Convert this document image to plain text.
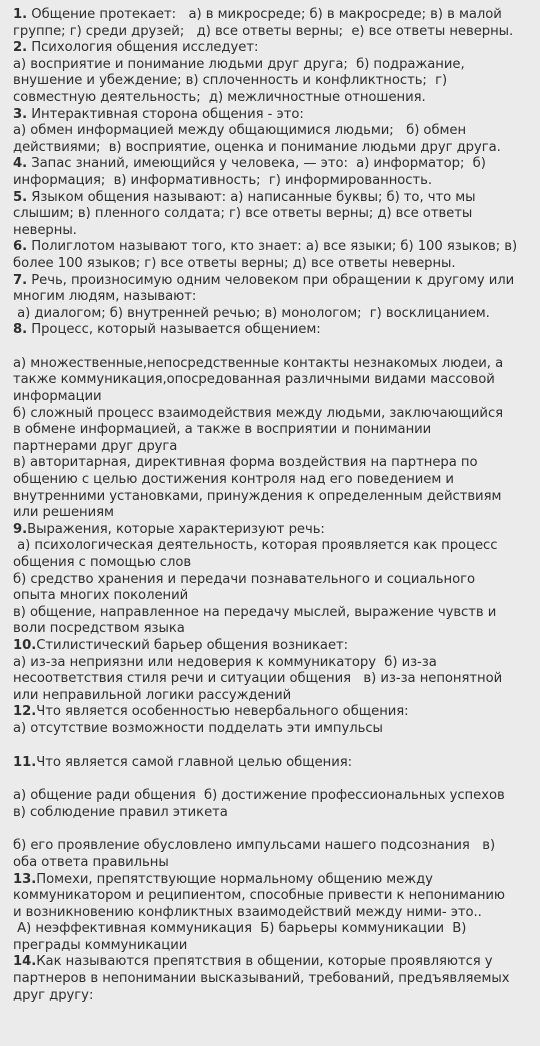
1. Общение протекает:   а) в микросреде; б) в макросреде; в) в малой
группе; г) среди друзей;   д) все ответы верны;  е) все ответы неверны.
2. Психология общения исследует:
а) восприятие и понимание людьми друг друга;  б) подражание,
внушение и убеждение; в) сплоченность и конфликтность;  г)
совместную деятельность;  д) межличностные отношения.
3. Интерактивная сторона общения - это:
а) обмен информацией между общающимися людьми;   б) обмен
действиями;  в) восприятие, оценка и понимание людьми друг друга.
4. Запас знаний, имеющийся у человека, — это:  а) информатор;  б)
информация;  в) информативность;  г) информированность.
5. Языком общения называют: а) написанные буквы; б) то, что мы
слышим; в) пленного солдата; г) все ответы верны; д) все ответы
неверны.
6. Полиглотом называют того, кто знает: а) все языки; б) 100 языков; в)
более 100 языков; г) все ответы верны; д) все ответы неверны.
7. Речь, произносимую одним человеком при обращении к другому или
многим людям, называют:
а) диалогом; б) внутренней речью; в) монологом;  г) восклицанием.
8. Процесс, который называется общением:
а) множественные,непосредственные контакты незнакомых людеи, а
также коммуникация,опосредованная различными видами массовой
информации
б) сложный процесс взаимодействия между людьми, заключающийся
в обмене информацией, а также в восприятии и понимании
партнерами друг друга
в) авторитарная, директивная форма воздействия на партнера по
общению с целью достижения контроля над его поведением и
внутренними установками, принуждения к определенным действиям
или решениям
9.Выражения, которые характеризуют речь:
а) психологическая деятельность, которая проявляется как процесс
общения с помощью слов
б) средство хранения и передачи познавательного и социального
опыта многих поколений
в) общение, направленное на передачу мыслей, выражение чувств и
воли посредством языка
10.Стилистический барьер общения возникает:
а) из-за неприязни или недоверия к коммуникатору  б) из-за
несоответствия стиля речи и ситуации общения   в) из-за непонятной
или неправильной логики рассуждений
12.Что является особенностью невербального общения:
а) отсутствие возможности подделать эти импульсы
11.Что является самой главной целью общения:
а) общение ради общения  б) достижение профессиональных успехов
в) соблюдение правил этикета
б) его проявление обусловлено импульсами нашего подсознания   в)
оба ответа правильны
13.Помехи, препятствующие нормальному общению между
коммуникатором и реципиентом, способные привести к непониманию
и возникновению конфликтных взаимодействий между ними- это..
А) неэффективная коммуникация  Б) барьеры коммуникации  В)
преграды коммуникации
14.Как называются препятствия в общении, которые проявляются у
партнеров в непонимании высказываний, требований, предъявляемых
друг другу:
